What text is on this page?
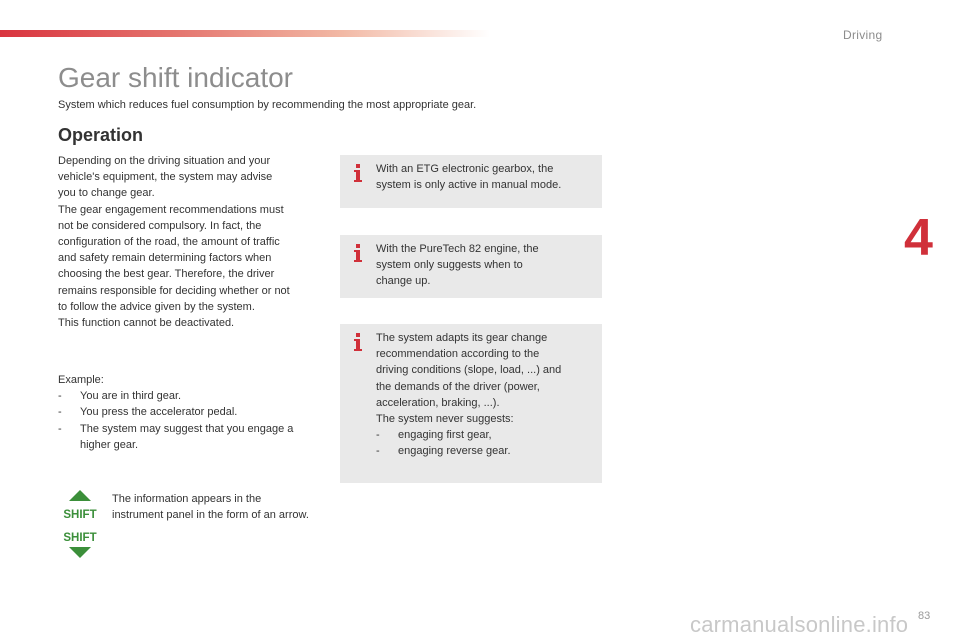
Driving
4
Gear shift indicator
System which reduces fuel consumption by recommending the most appropriate gear.
Operation
Depending on the driving situation and your
vehicle's equipment, the system may advise
you to change gear.
The gear engagement recommendations must
not be considered compulsory. In fact, the
configuration of the road, the amount of traffic
and safety remain determining factors when
choosing the best gear. Therefore, the driver
remains responsible for deciding whether or not
to follow the advice given by the system.
This function cannot be deactivated.
Example:
-	You are in third gear.
-	You press the accelerator pedal.
-	The system may suggest that you engage a higher gear.
SHIFT
SHIFT
The information appears in the instrument panel in the form of an arrow.
With an ETG electronic gearbox, the
system is only active in manual mode.
With the PureTech 82 engine, the
system only suggests when to
change up.
The system adapts its gear change
recommendation according to the
driving conditions (slope, load, ...) and
the demands of the driver (power,
acceleration, braking, ...).
The system never suggests:
-	engaging first gear,
-	engaging reverse gear.
carmanualsonline.info 83
